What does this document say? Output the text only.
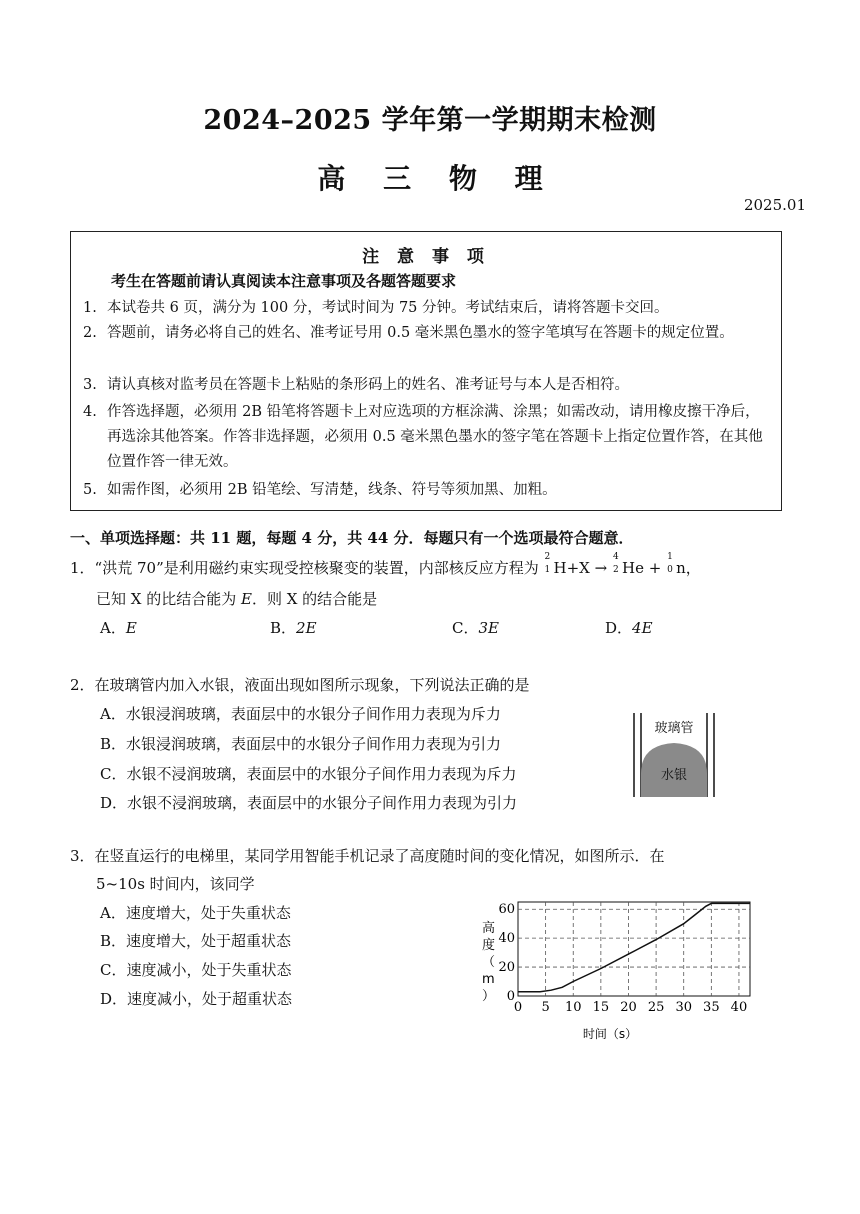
2024–2025 学年第一学期期末检测
高 三 物 理
2025.01
注 意 事 项
考生在答题前请认真阅读本注意事项及各题答题要求
1. 本试卷共 6 页，满分为 100 分，考试时间为 75 分钟。考试结束后，请将答题卡交回。
2. 答题前，请务必将自己的姓名、准考证号用 0.5 毫米黑色墨水的签字笔填写在答题卡的规定位置。
3. 请认真核对监考员在答题卡上粘贴的条形码上的姓名、准考证号与本人是否相符。
4. 作答选择题，必须用 2B 铅笔将答题卡上对应选项的方框涂满、涂黑；如需改动，请用橡皮擦干净后，再选涂其他答案。作答非选择题，必须用 0.5 毫米黑色墨水的签字笔在答题卡上指定位置作答，在其他位置作答一律无效。
5. 如需作图，必须用 2B 铅笔绘、写清楚，线条、符号等须加黑、加粗。
一、单项选择题：共 11 题，每题 4 分，共 44 分．每题只有一个选项最符合题意．
1．“洪荒 70”是利用磁约束实现受控核聚变的装置，内部核反应方程为
2
1 H+X →
4
2 He +
1
0 n，
已知 X 的比结合能为 E．则 X 的结合能是
A．E	B．2E	C．3E	D．4E
2．在玻璃管内加入水银，液面出现如图所示现象，下列说法正确的是
A．水银浸润玻璃，表面层中的水银分子间作用力表现为斥力
B．水银浸润玻璃，表面层中的水银分子间作用力表现为引力
C．水银不浸润玻璃，表面层中的水银分子间作用力表现为斥力
D．水银不浸润玻璃，表面层中的水银分子间作用力表现为引力
玻璃管
水银
3．在竖直运行的电梯里，某同学用智能手机记录了高度随时间的变化情况，如图所示．在
5~10s 时间内，该同学
A．速度增大，处于失重状态
B．速度增大，处于超重状态
C．速度减小，处于失重状态
D．速度减小，处于超重状态	0 5 10 15 20 25 30 35 40
0
20
40
60
时间（s）
高度（ m ）
